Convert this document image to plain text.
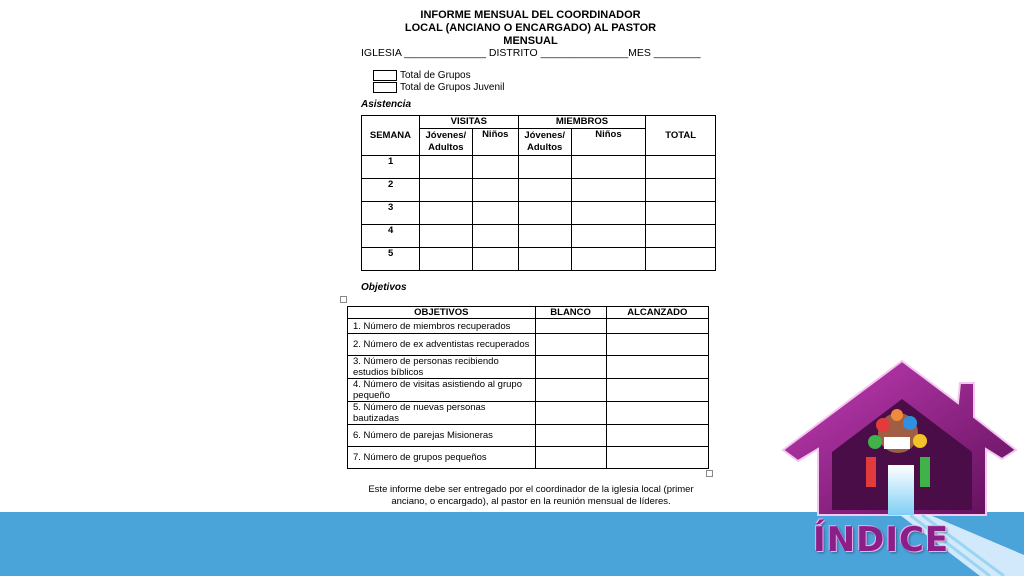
INFORME MENSUAL DEL COORDINADOR
LOCAL (ANCIANO O ENCARGADO) AL PASTOR
MENSUAL
IGLESIA ______________ DISTRITO _______________MES ________
Total de Grupos
Total de Grupos Juvenil
Asistencia
SEMANA	VISITAS		MIEMBROS		TOTAL
	Jóvenes/ Adultos	Niños	Jóvenes/ Adultos	Niños	
1					
2					
3					
4					
5					
Objetivos
OBJETIVOS	BLANCO	ALCANZADO
1. Número de miembros recuperados		
2. Número de ex adventistas recuperados		
3. Número de personas recibiendo estudios bíblicos		
4. Número de visitas asistiendo al grupo pequeño		
5. Número de nuevas personas bautizadas		
6. Número de parejas Misioneras		
7. Número de grupos pequeños		
Este informe debe ser entregado por el coordinador de la iglesia local (primer anciano, o encargado), al pastor en la reunión mensual de líderes.
ÍNDICE
